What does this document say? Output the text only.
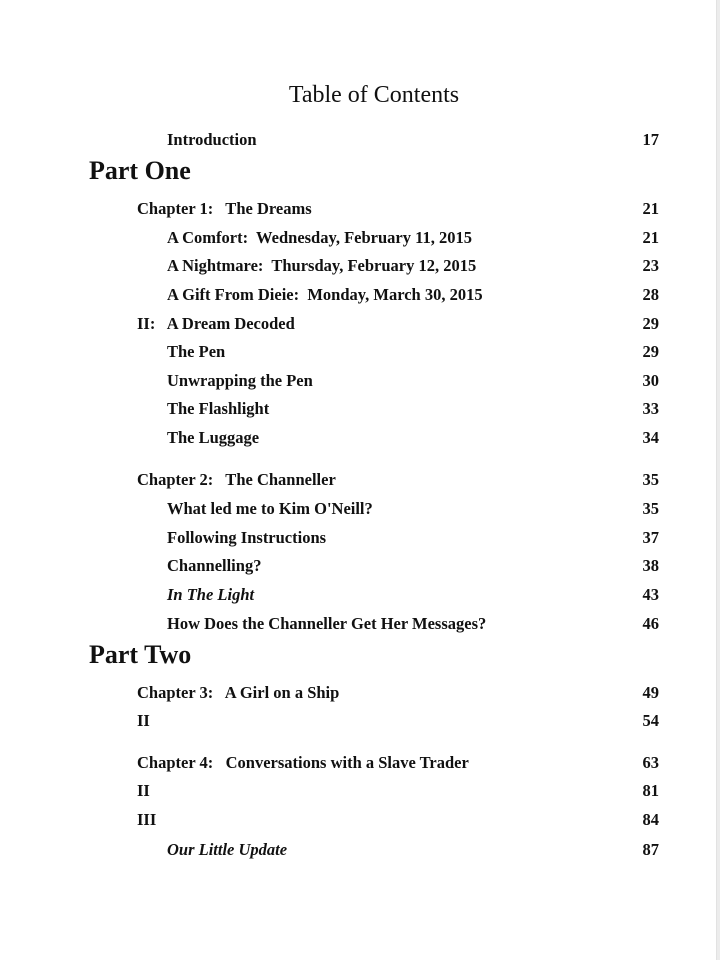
Table of Contents
Introduction	17
Part One
Chapter 1:   The Dreams	21
A Comfort:  Wednesday, February 11, 2015	21
A Nightmare:  Thursday, February 12, 2015	23
A Gift From Dieie:  Monday, March 30, 2015	28
II:   A Dream Decoded	29
The Pen	29
Unwrapping the Pen	30
The Flashlight	33
The Luggage	34
Chapter 2:   The Channeller	35
What led me to Kim O'Neill?	35
Following Instructions	37
Channelling?	38
In The Light	43
How Does the Channeller Get Her Messages?	46
Part Two
Chapter 3:   A Girl on a Ship	49
II	54
Chapter 4:   Conversations with a Slave Trader	63
II	81
III	84
Our Little Update	87
